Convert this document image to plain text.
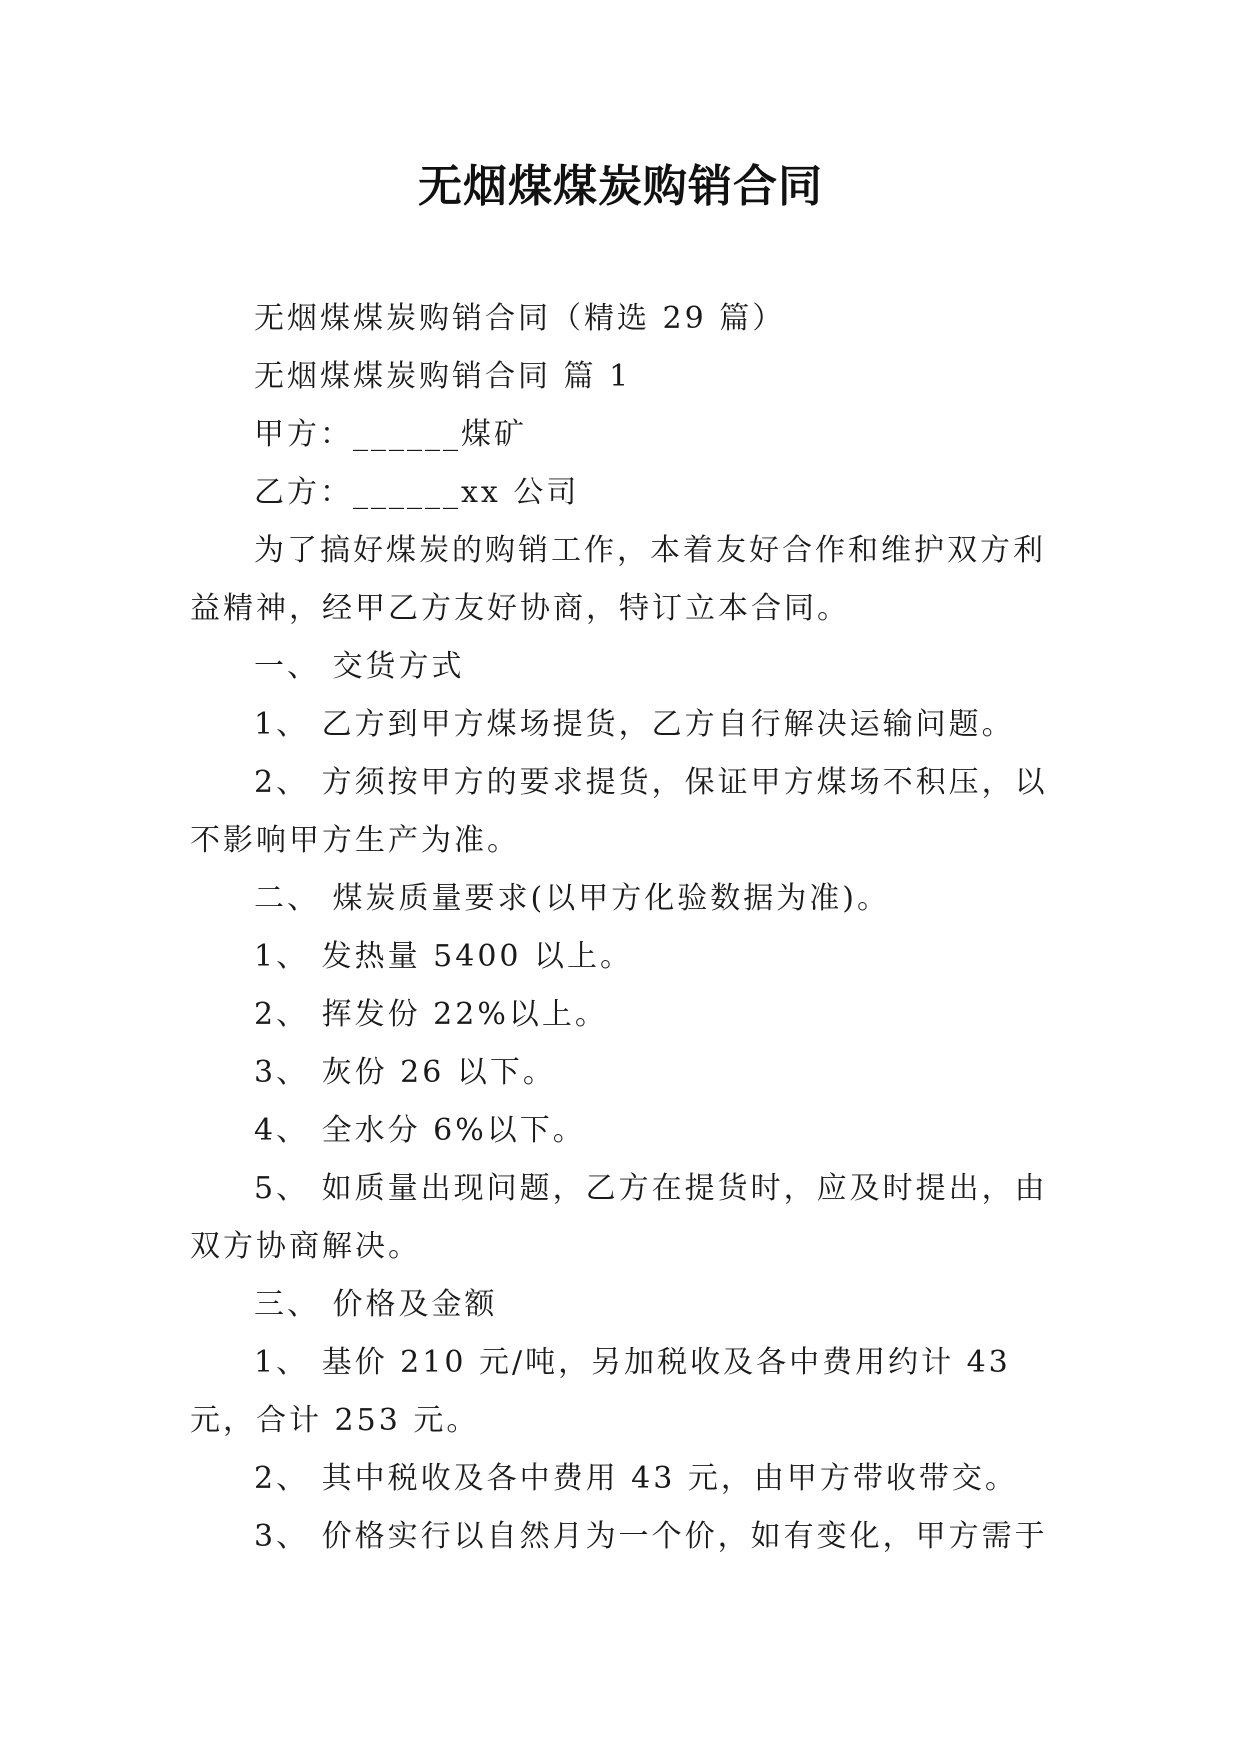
无烟煤煤炭购销合同

无烟煤煤炭购销合同（精选 29 篇）

无烟煤煤炭购销合同 篇 1

甲方：______煤矿

乙方：______xx 公司

为了搞好煤炭的购销工作，本着友好合作和维护双方利益精神，经甲乙方友好协商，特订立本合同。

一、 交货方式

1、 乙方到甲方煤场提货，乙方自行解决运输问题。

2、 方须按甲方的要求提货，保证甲方煤场不积压，以不影响甲方生产为准。

二、 煤炭质量要求(以甲方化验数据为准)。

1、 发热量 5400 以上。

2、 挥发份 22%以上。

3、 灰份 26 以下。

4、 全水分 6%以下。

5、 如质量出现问题，乙方在提货时，应及时提出，由双方协商解决。

三、 价格及金额

1、 基价 210 元/吨，另加税收及各中费用约计 43 元，合计 253 元。

2、 其中税收及各中费用 43 元，由甲方带收带交。

3、 价格实行以自然月为一个价，如有变化，甲方需于
